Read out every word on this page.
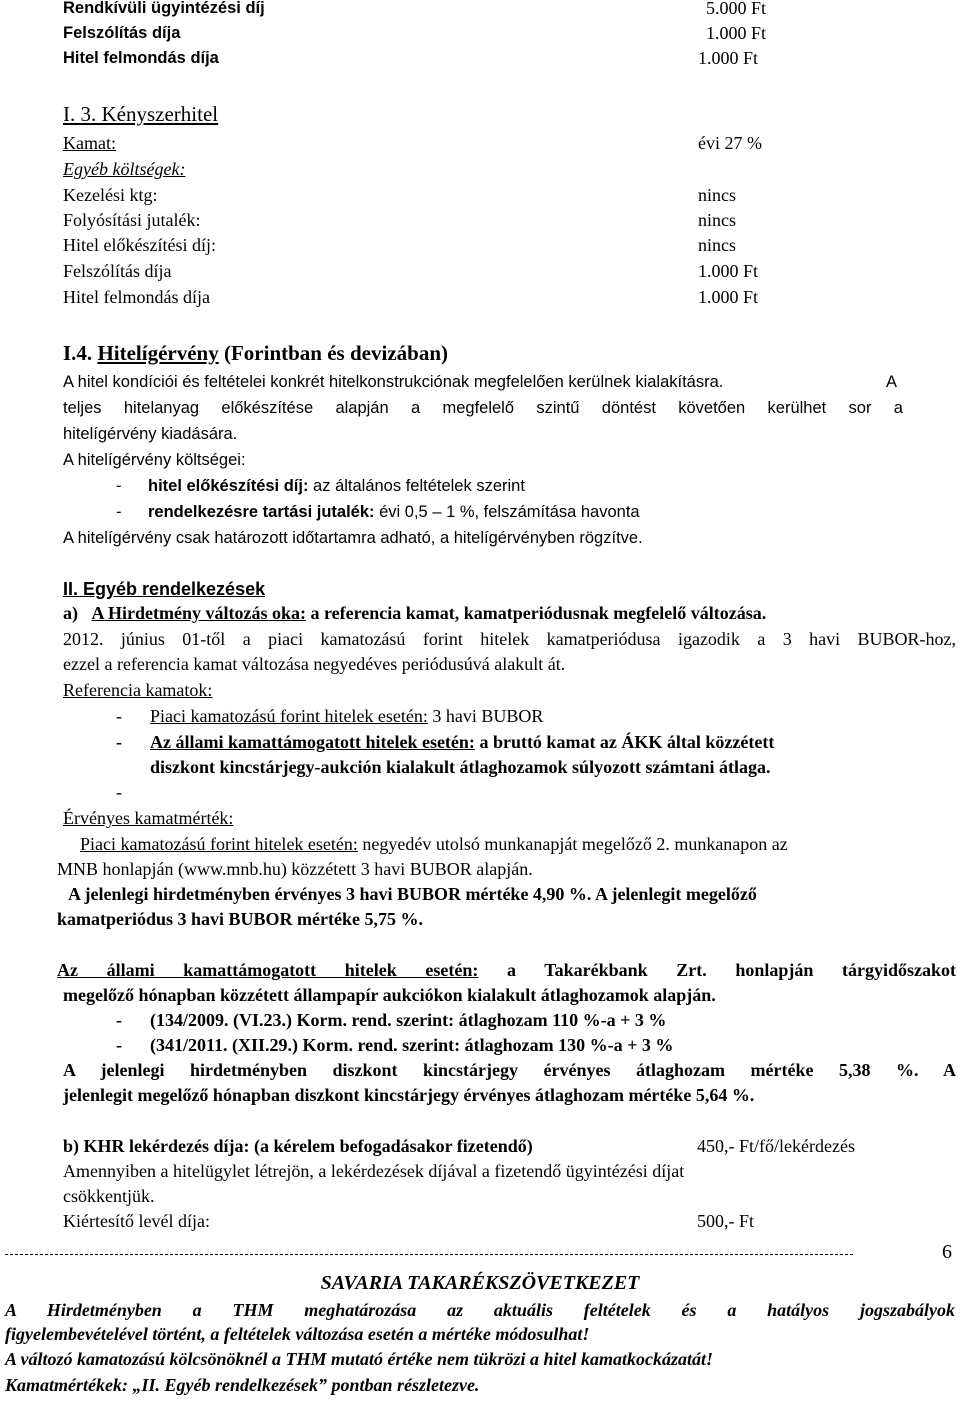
Rendkívüli ügyintézési díj	5.000 Ft
Felszólítás díja	1.000 Ft
Hitel felmondás díja	1.000 Ft
I. 3. Kényszerhitel
Kamat:	évi 27 %
Egyéb költségek:
Kezelési ktg:	nincs
Folyósítási jutalék:	nincs
Hitel előkészítési díj:	nincs
Felszólítás díja	1.000 Ft
Hitel felmondás díja	1.000 Ft
I.4. Hitelígérvény (Forintban és devizában)
A hitel kondíciói és feltételei konkrét hitelkonstrukciónak megfelelően kerülnek kialakításra.	A
teljes hitelanyag előkészítése alapján a megfelelő szintű döntést követően kerülhet sor a
hitelígérvény kiadására.
A hitelígérvény költségei:
- hitel előkészítési díj: az általános feltételek szerint
- rendelkezésre tartási jutalék: évi 0,5 – 1 %, felszámítása havonta
A hitelígérvény csak határozott időtartamra adható, a hitelígérvényben rögzítve.
II. Egyéb rendelkezések
a) A Hirdetmény változás oka: a referencia kamat, kamatperiódusnak megfelelő változása.
2012. június 01-től a piaci kamatozású forint hitelek kamatperiódusa igazodik a 3 havi BUBOR-hoz,
ezzel a referencia kamat változása negyedéves periódusúvá alakult át.
Referencia kamatok:
- Piaci kamatozású forint hitelek esetén: 3 havi BUBOR
- Az állami kamattámogatott hitelek esetén: a bruttó kamat az ÁKK által közzétett
diszkont kincstárjegy-aukción kialakult átlaghozamok súlyozott számtani átlaga.
-
Érvényes kamatmérték:
Piaci kamatozású forint hitelek esetén: negyedév utolsó munkanapját megelőző 2. munkanapon az
MNB honlapján (www.mnb.hu) közzétett 3 havi BUBOR alapján.
A jelenlegi hirdetményben érvényes 3 havi BUBOR mértéke 4,90 %. A jelenlegit megelőző
kamatperiódus 3 havi BUBOR mértéke 5,75 %.
Az állami kamattámogatott hitelek esetén: a Takarékbank Zrt. honlapján tárgyidőszakot
megelőző hónapban közzétett állampapír aukciókon kialakult átlaghozamok alapján.
- (134/2009. (VI.23.) Korm. rend. szerint: átlaghozam 110 %-a + 3 %
- (341/2011. (XII.29.) Korm. rend. szerint: átlaghozam 130 %-a + 3 %
A jelenlegi hirdetményben diszkont kincstárjegy érvényes átlaghozam mértéke 5,38 %. A
jelenlegit megelőző hónapban diszkont kincstárjegy érvényes átlaghozam mértéke 5,64 %.
b) KHR lekérdezés díja: (a kérelem befogadásakor fizetendő)	450,- Ft/fő/lekérdezés
Amennyiben a hitelügylet létrejön, a lekérdezések díjával a fizetendő ügyintézési díjat
csökkentjük.
Kiértesítő levél díja:	500,- Ft
6
SAVARIA TAKARÉKSZÖVETKEZET
A Hirdetményben a THM meghatározása az aktuális feltételek és a hatályos jogszabályok
figyelembevételével történt, a feltételek változása esetén a mértéke módosulhat!
A változó kamatozású kölcsönöknél a THM mutató értéke nem tükrözi a hitel kamatkockázatát!
Kamatmértékek: „II. Egyéb rendelkezések” pontban részletezve.
